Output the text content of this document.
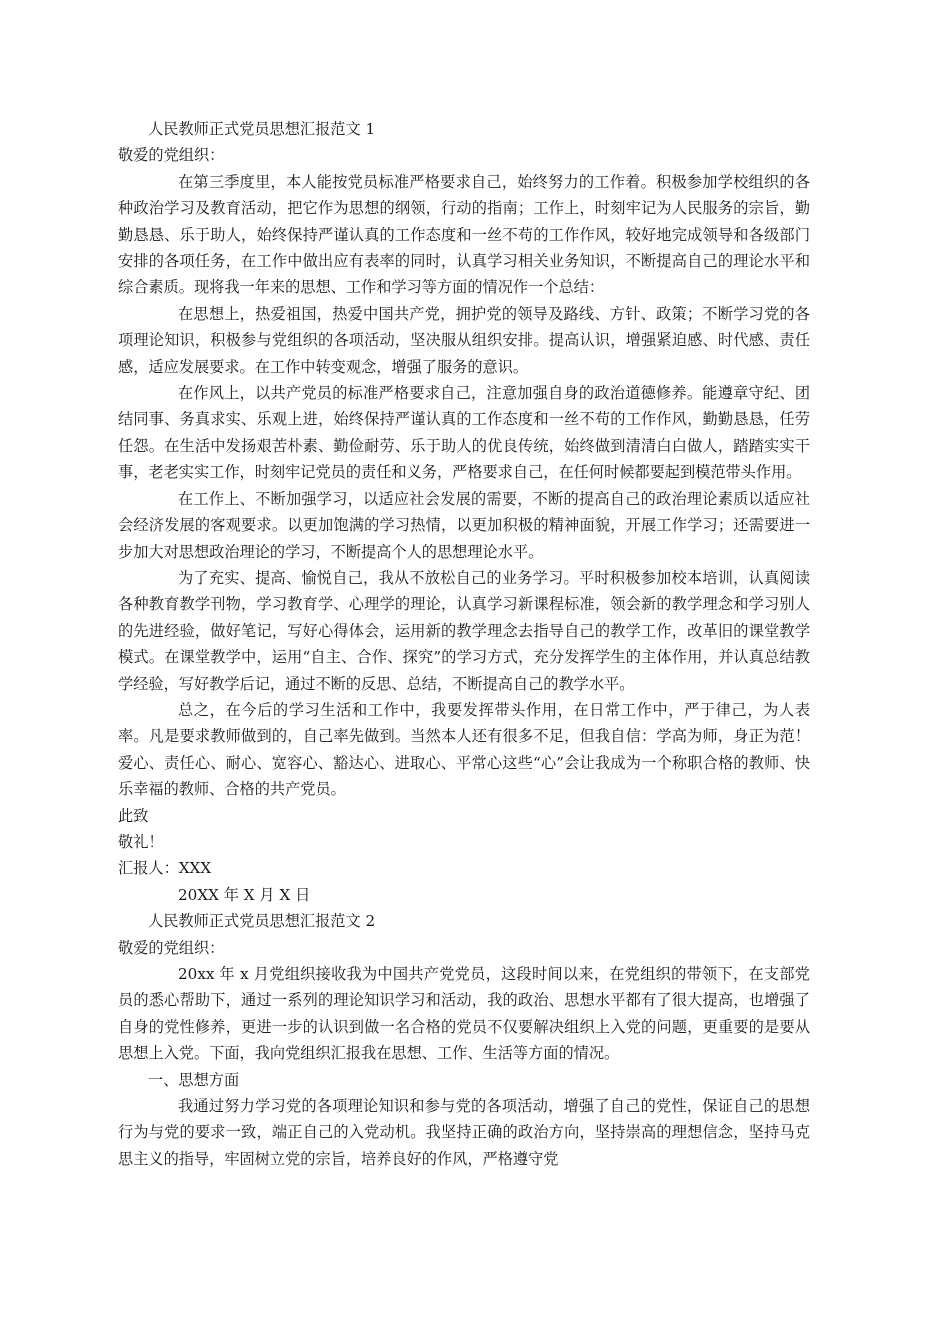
人民教师正式党员思想汇报范文 1

敬爱的党组织：

在第三季度里，本人能按党员标准严格要求自己，始终努力的工作着。积极参加学校组织的各种政治学习及教育活动，把它作为思想的纲领，行动的指南；工作上，时刻牢记为人民服务的宗旨，勤勤恳恳、乐于助人，始终保持严谨认真的工作态度和一丝不苟的工作作风，较好地完成领导和各级部门安排的各项任务，在工作中做出应有表率的同时，认真学习相关业务知识，不断提高自己的理论水平和综合素质。现将我一年来的思想、工作和学习等方面的情况作一个总结：

在思想上，热爱祖国，热爱中国共产党，拥护党的领导及路线、方针、政策；不断学习党的各项理论知识，积极参与党组织的各项活动，坚决服从组织安排。提高认识，增强紧迫感、时代感、责任感，适应发展要求。在工作中转变观念，增强了服务的意识。

在作风上，以共产党员的标准严格要求自己，注意加强自身的政治道德修养。能遵章守纪、团结同事、务真求实、乐观上进，始终保持严谨认真的工作态度和一丝不苟的工作作风，勤勤恳恳，任劳任怨。在生活中发扬艰苦朴素、勤俭耐劳、乐于助人的优良传统，始终做到清清白白做人，踏踏实实干事，老老实实工作，时刻牢记党员的责任和义务，严格要求自己，在任何时候都要起到模范带头作用。

在工作上、不断加强学习，以适应社会发展的需要，不断的提高自己的政治理论素质以适应社会经济发展的客观要求。以更加饱满的学习热情，以更加积极的精神面貌，开展工作学习；还需要进一步加大对思想政治理论的学习，不断提高个人的思想理论水平。

为了充实、提高、愉悦自己，我从不放松自己的业务学习。平时积极参加校本培训，认真阅读各种教育教学刊物，学习教育学、心理学的理论，认真学习新课程标准，领会新的教学理念和学习别人的先进经验，做好笔记，写好心得体会，运用新的教学理念去指导自己的教学工作，改革旧的课堂教学模式。在课堂教学中，运用“自主、合作、探究”的学习方式，充分发挥学生的主体作用，并认真总结教学经验，写好教学后记，通过不断的反思、总结，不断提高自己的教学水平。

总之，在今后的学习生活和工作中，我要发挥带头作用，在日常工作中，严于律己，为人表率。凡是要求教师做到的，自己率先做到。当然本人还有很多不足，但我自信：学高为师，身正为范！爱心、责任心、耐心、宽容心、豁达心、进取心、平常心这些“心”会让我成为一个称职合格的教师、快乐幸福的教师、合格的共产党员。

此致

敬礼！

汇报人：XXX

20XX 年 X 月 X 日

人民教师正式党员思想汇报范文 2

敬爱的党组织：

20xx 年 x 月党组织接收我为中国共产党党员，这段时间以来，在党组织的带领下，在支部党员的悉心帮助下，通过一系列的理论知识学习和活动，我的政治、思想水平都有了很大提高，也增强了自身的党性修养，更进一步的认识到做一名合格的党员不仅要解决组织上入党的问题，更重要的是要从思想上入党。下面，我向党组织汇报我在思想、工作、生活等方面的情况。

一、思想方面

我通过努力学习党的各项理论知识和参与党的各项活动，增强了自己的党性，保证自己的思想行为与党的要求一致，端正自己的入党动机。我坚持正确的政治方向，坚持崇高的理想信念，坚持马克思主义的指导，牢固树立党的宗旨，培养良好的作风，严格遵守党
